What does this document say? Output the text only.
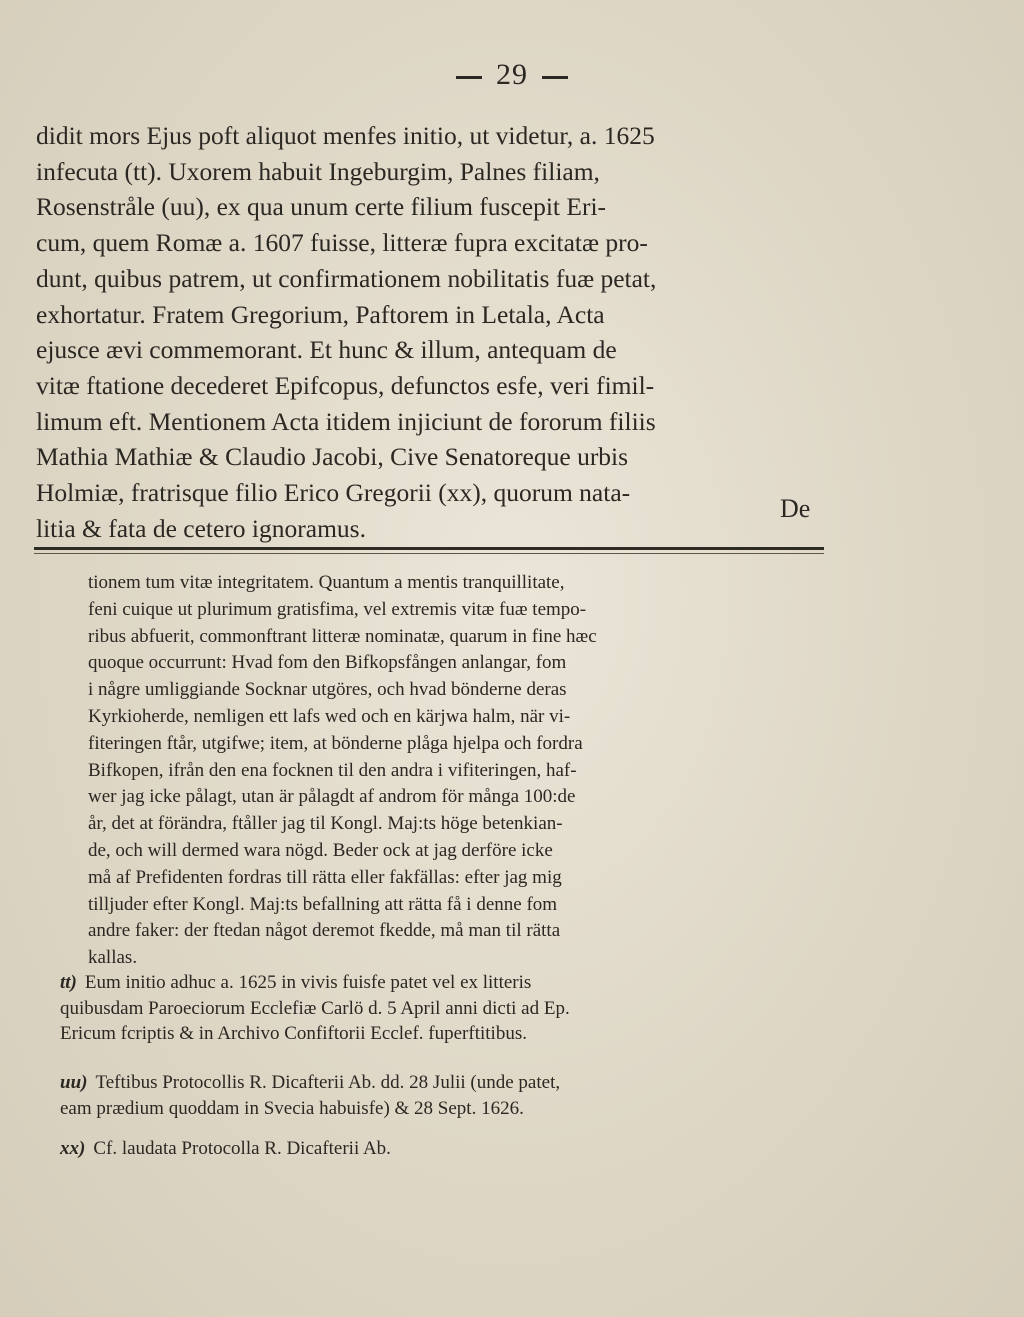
29

didit mors Ejus poft aliquot menfes initio, ut videtur, a. 1625
infecuta (tt). Uxorem habuit Ingeburgim, Palnes filiam,
Rosenstråle (uu), ex qua unum certe filium fuscepit Eri-
cum, quem Romæ a. 1607 fuisse, litteræ fupra excitatæ pro-
dunt, quibus patrem, ut confirmationem nobilitatis fuæ petat,
exhortatur. Fratem Gregorium, Paftorem in Letala, Acta
ejusce ævi commemorant. Et hunc & illum, antequam de
vitæ ftatione decederet Epifcopus, defunctos esfe, veri fimil-
limum eft. Mentionem Acta itidem injiciunt de fororum filiis
Mathia Mathiæ & Claudio Jacobi, Cive Senatoreque urbis
Holmiæ, fratrisque filio Erico Gregorii (xx), quorum nata-
litia & fata de cetero ignoramus.

De

tionem tum vitæ integritatem. Quantum a mentis tranquillitate,
feni cuique ut plurimum gratisfima, vel extremis vitæ fuæ tempo-
ribus abfuerit, commonftrant litteræ nominatæ, quarum in fine hæc
quoque occurrunt: Hvad fom den Bifkopsfången anlangar, fom
i någre umliggiande Socknar utgöres, och hvad bönderne deras
Kyrkioherde, nemligen ett lafs wed och en kärjwa halm, när vi-
fiteringen ftår, utgifwe; item, at bönderne plåga hjelpa och fordra
Bifkopen, ifrån den ena focknen til den andra i vifiteringen, haf-
wer jag icke pålagt, utan är pålagdt af androm för många 100:de
år, det at förändra, ftåller jag til Kongl. Maj:ts höge betenkian-
de, och will dermed wara nögd. Beder ock at jag derföre icke
må af Prefidenten fordras till rätta eller fakfällas: efter jag mig
tilljuder efter Kongl. Maj:ts befallning att rätta få i denne fom
andre faker: der ftedan något deremot fkedde, må man til rätta
kallas.

tt) Eum initio adhuc a. 1625 in vivis fuisfe patet vel ex litteris
quibusdam Paroeciorum Ecclefiæ Carlö d. 5 April anni dicti ad Ep.
Ericum fcriptis & in Archivo Confiftorii Ecclef. fuperftitibus.

uu) Teftibus Protocollis R. Dicafterii Ab. dd. 28 Julii (unde patet,
eam prædium quoddam in Svecia habuisfe) & 28 Sept. 1626.

xx) Cf. laudata Protocolla R. Dicafterii Ab.
